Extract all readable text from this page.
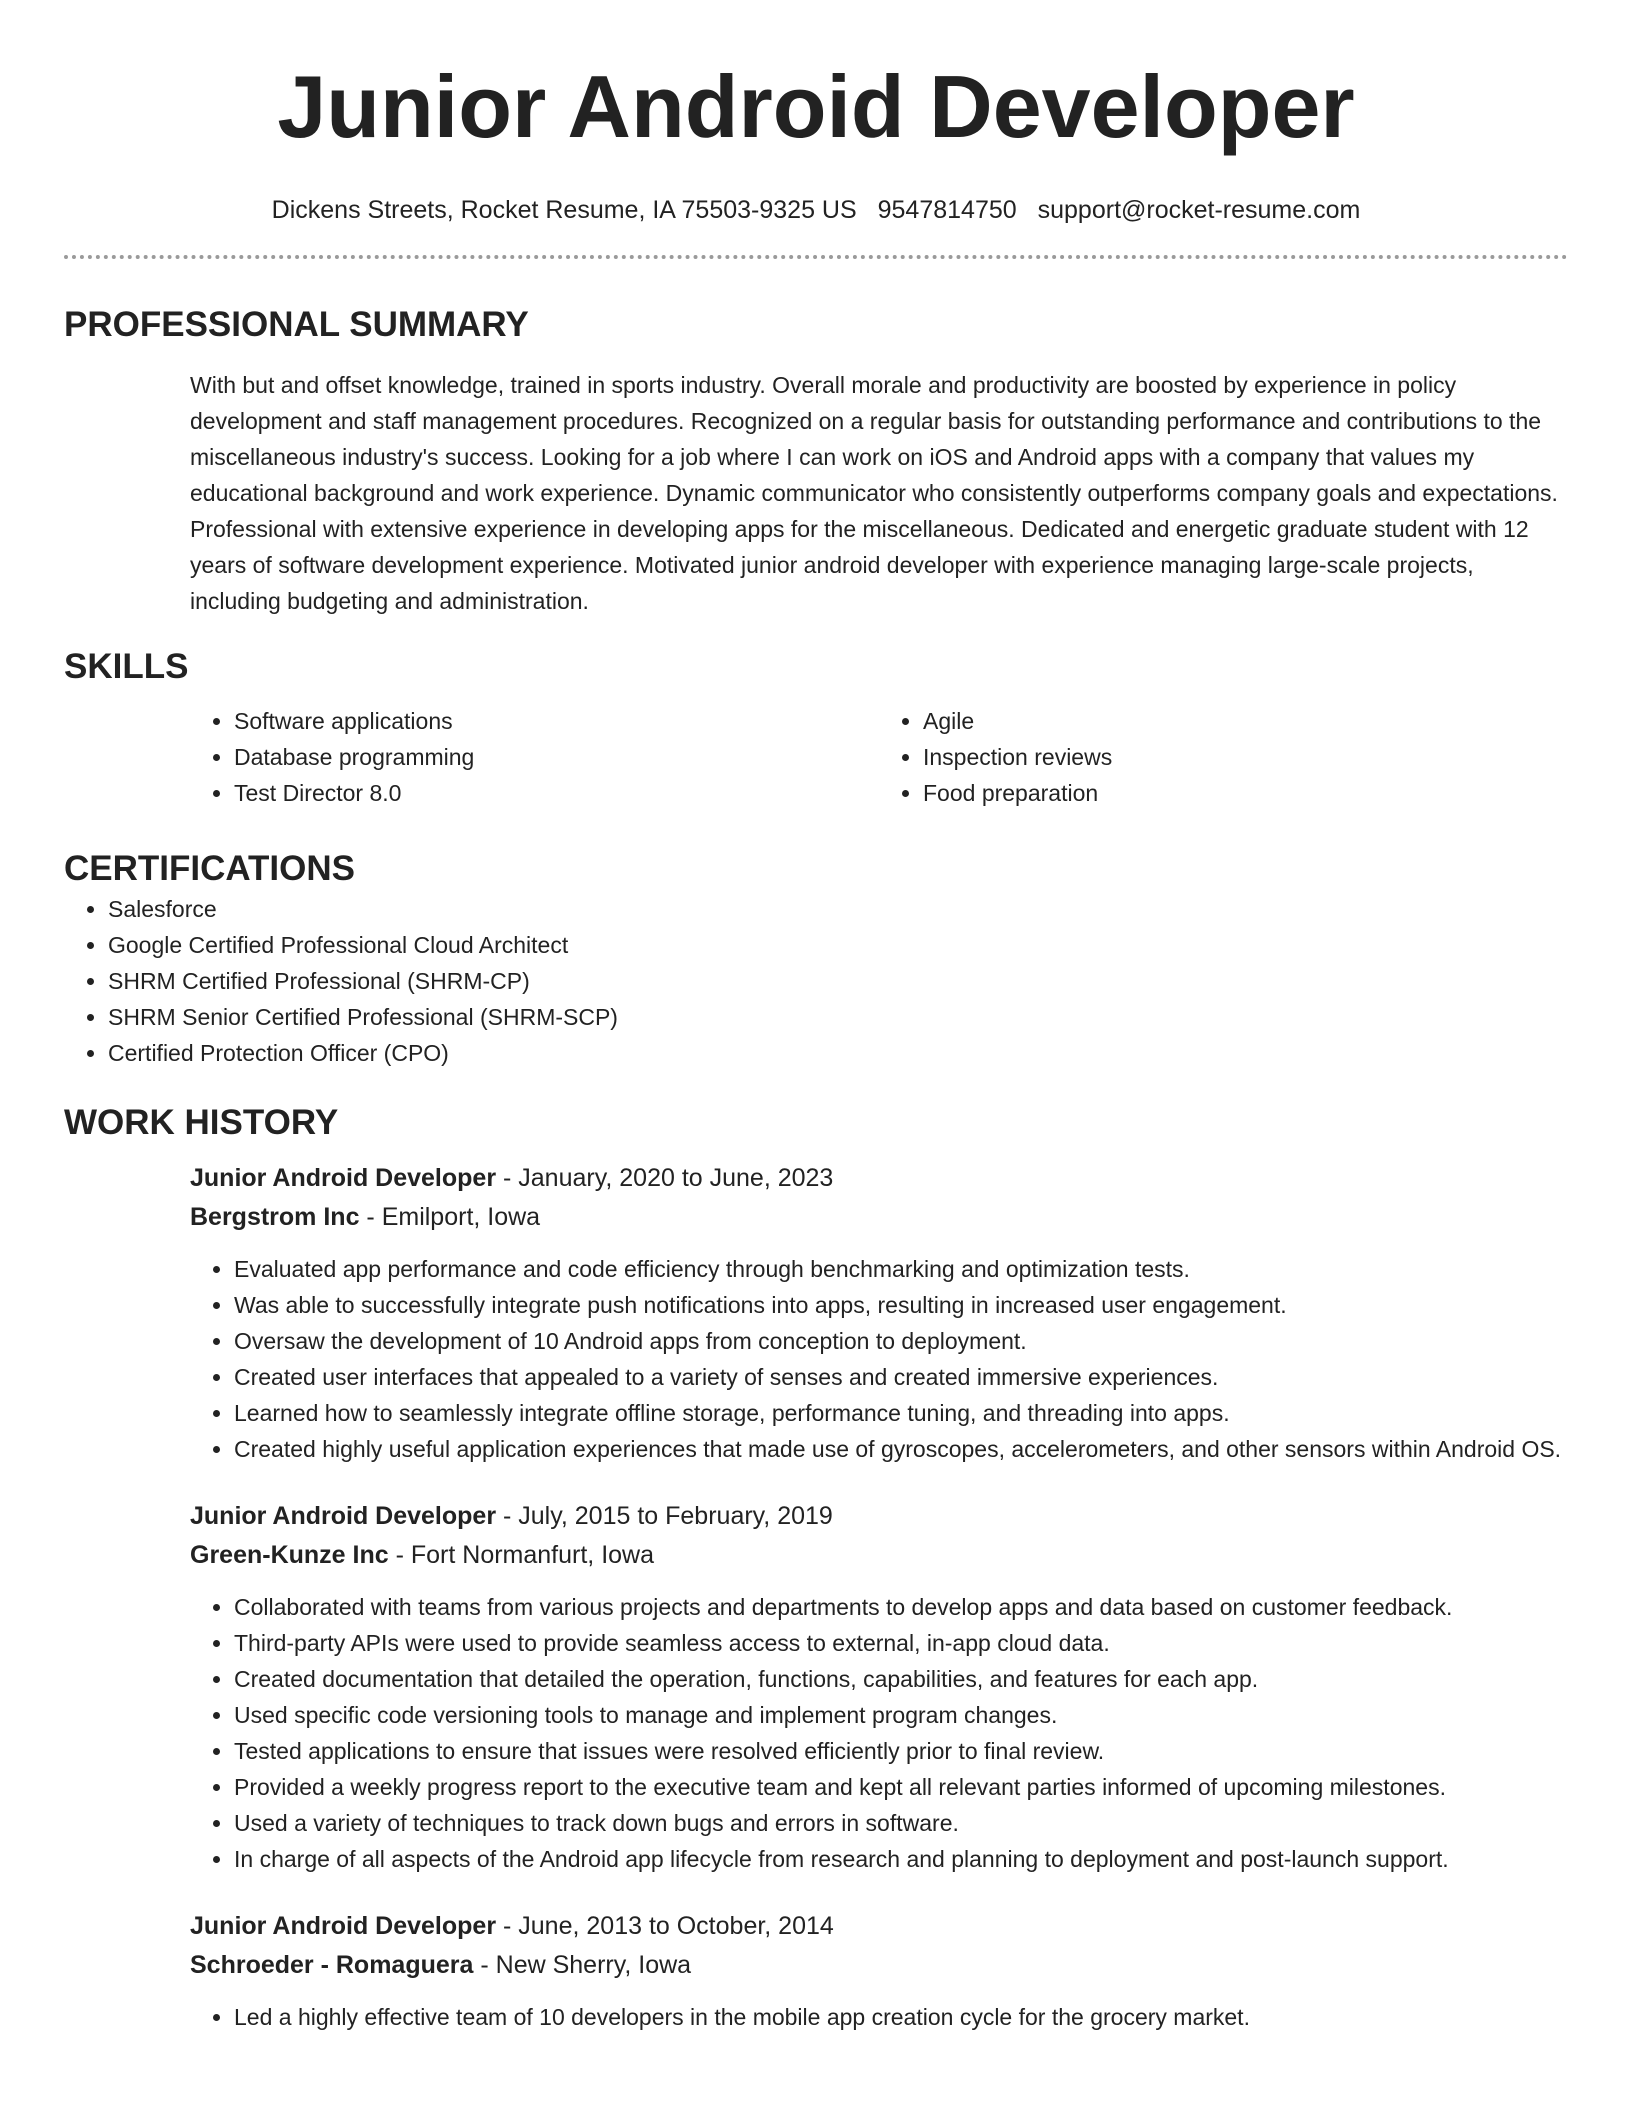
Junior Android Developer
Dickens Streets, Rocket Resume, IA 75503-9325 US 9547814750 support@rocket-resume.com
PROFESSIONAL SUMMARY

With but and offset knowledge, trained in sports industry. Overall morale and productivity are boosted by experience in policy development and staff management procedures. Recognized on a regular basis for outstanding performance and contributions to the miscellaneous industry's success. Looking for a job where I can work on iOS and Android apps with a company that values my educational background and work experience. Dynamic communicator who consistently outperforms company goals and expectations. Professional with extensive experience in developing apps for the miscellaneous. Dedicated and energetic graduate student with 12 years of software development experience. Motivated junior android developer with experience managing large-scale projects, including budgeting and administration.

SKILLS
• Software applications
• Database programming
• Test Director 8.0
• Agile
• Inspection reviews
• Food preparation
CERTIFICATIONS
• Salesforce
• Google Certified Professional Cloud Architect
• SHRM Certified Professional (SHRM-CP)
• SHRM Senior Certified Professional (SHRM-SCP)
• Certified Protection Officer (CPO)
WORK HISTORY
Junior Android Developer - January, 2020 to June, 2023
Bergstrom Inc - Emilport, Iowa
• Evaluated app performance and code efficiency through benchmarking and optimization tests.
• Was able to successfully integrate push notifications into apps, resulting in increased user engagement.
• Oversaw the development of 10 Android apps from conception to deployment.
• Created user interfaces that appealed to a variety of senses and created immersive experiences.
• Learned how to seamlessly integrate offline storage, performance tuning, and threading into apps.
• Created highly useful application experiences that made use of gyroscopes, accelerometers, and other sensors within Android OS.
Junior Android Developer - July, 2015 to February, 2019
Green-Kunze Inc - Fort Normanfurt, Iowa
• Collaborated with teams from various projects and departments to develop apps and data based on customer feedback.
• Third-party APIs were used to provide seamless access to external, in-app cloud data.
• Created documentation that detailed the operation, functions, capabilities, and features for each app.
• Used specific code versioning tools to manage and implement program changes.
• Tested applications to ensure that issues were resolved efficiently prior to final review.
• Provided a weekly progress report to the executive team and kept all relevant parties informed of upcoming milestones.
• Used a variety of techniques to track down bugs and errors in software.
• In charge of all aspects of the Android app lifecycle from research and planning to deployment and post-launch support.
Junior Android Developer - June, 2013 to October, 2014
Schroeder - Romaguera - New Sherry, Iowa
• Led a highly effective team of 10 developers in the mobile app creation cycle for the grocery market.
